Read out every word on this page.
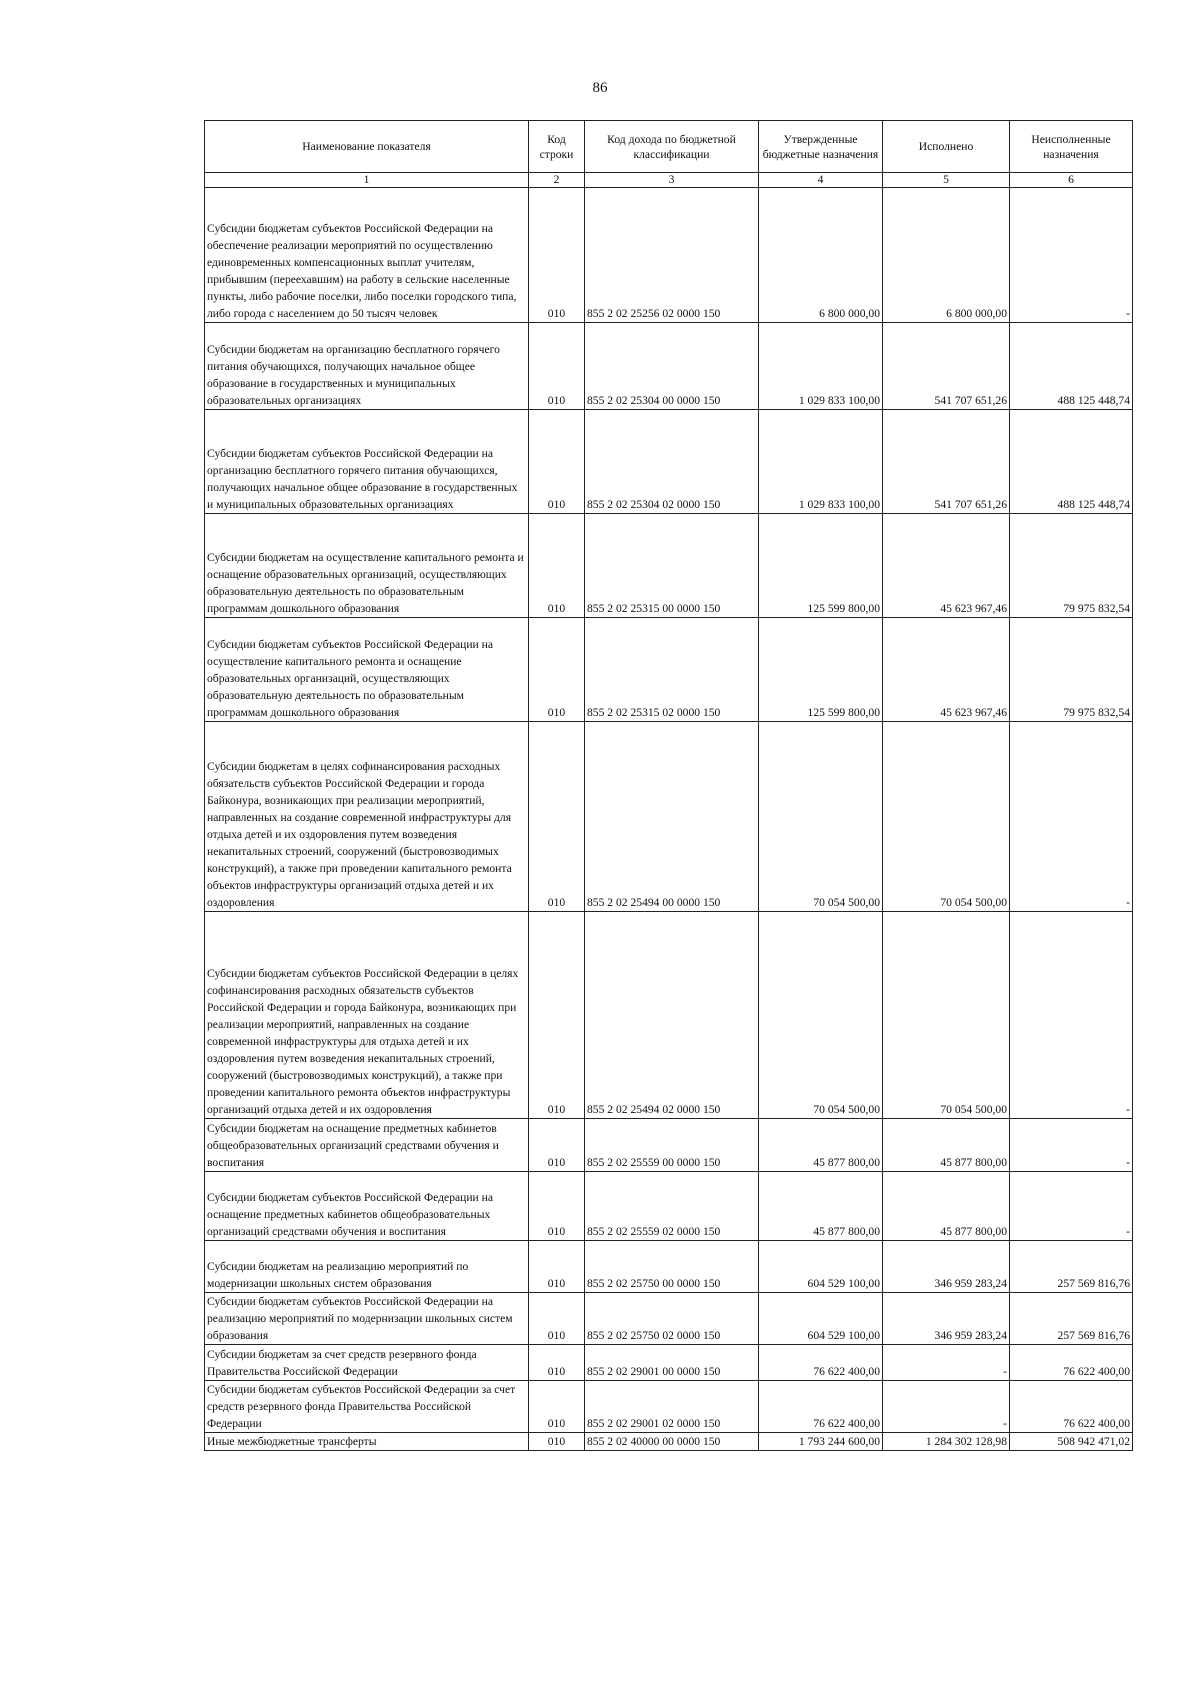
86
Наименование показателя	Код строки	Код дохода по бюджетной классификации	Утвержденные бюджетные назначения	Исполнено	Неисполненные назначения
1	2	3	4	5	6
Субсидии бюджетам субъектов Российской Федерации на обеспечение реализации мероприятий по осуществлению единовременных компенсационных выплат учителям, прибывшим (переехавшим) на работу в сельские населенные пункты, либо рабочие поселки, либо поселки городского типа, либо города с населением до 50 тысяч человек	010	855 2 02 25256 02 0000 150	6 800 000,00	6 800 000,00	-
Субсидии бюджетам на организацию бесплатного горячего питания обучающихся, получающих начальное общее образование в государственных и муниципальных образовательных организациях	010	855 2 02 25304 00 0000 150	1 029 833 100,00	541 707 651,26	488 125 448,74
Субсидии бюджетам субъектов Российской Федерации на организацию бесплатного горячего питания обучающихся, получающих начальное общее образование в государственных и муниципальных образовательных организациях	010	855 2 02 25304 02 0000 150	1 029 833 100,00	541 707 651,26	488 125 448,74
Субсидии бюджетам на осуществление капитального ремонта и оснащение образовательных организаций, осуществляющих образовательную деятельность по образовательным программам дошкольного образования	010	855 2 02 25315 00 0000 150	125 599 800,00	45 623 967,46	79 975 832,54
Субсидии бюджетам субъектов Российской Федерации на осуществление капитального ремонта и оснащение образовательных организаций, осуществляющих образовательную деятельность по образовательным программам дошкольного образования	010	855 2 02 25315 02 0000 150	125 599 800,00	45 623 967,46	79 975 832,54
Субсидии бюджетам в целях софинансирования расходных обязательств субъектов Российской Федерации и города Байконура, возникающих при реализации мероприятий, направленных на создание современной инфраструктуры для отдыха детей и их оздоровления путем возведения некапитальных строений, сооружений (быстровозводимых конструкций), а также при проведении капитального ремонта объектов инфраструктуры организаций отдыха детей и их оздоровления	010	855 2 02 25494 00 0000 150	70 054 500,00	70 054 500,00	-
Субсидии бюджетам субъектов Российской Федерации в целях софинансирования расходных обязательств субъектов Российской Федерации и города Байконура, возникающих при реализации мероприятий, направленных на создание современной инфраструктуры для отдыха детей и их оздоровления путем возведения некапитальных строений, сооружений (быстровозводимых конструкций), а также при проведении капитального ремонта объектов инфраструктуры организаций отдыха детей и их оздоровления	010	855 2 02 25494 02 0000 150	70 054 500,00	70 054 500,00	-
Субсидии бюджетам на оснащение предметных кабинетов общеобразовательных организаций средствами обучения и воспитания	010	855 2 02 25559 00 0000 150	45 877 800,00	45 877 800,00	-
Субсидии бюджетам субъектов Российской Федерации на оснащение предметных кабинетов общеобразовательных организаций средствами обучения и воспитания	010	855 2 02 25559 02 0000 150	45 877 800,00	45 877 800,00	-
Субсидии бюджетам на реализацию мероприятий по модернизации школьных систем образования	010	855 2 02 25750 00 0000 150	604 529 100,00	346 959 283,24	257 569 816,76
Субсидии бюджетам субъектов Российской Федерации на реализацию мероприятий по модернизации школьных систем образования	010	855 2 02 25750 02 0000 150	604 529 100,00	346 959 283,24	257 569 816,76
Субсидии бюджетам за счет средств резервного фонда Правительства Российской Федерации	010	855 2 02 29001 00 0000 150	76 622 400,00	-	76 622 400,00
Субсидии бюджетам субъектов Российской Федерации за счет средств резервного фонда Правительства Российской Федерации	010	855 2 02 29001 02 0000 150	76 622 400,00	-	76 622 400,00
Иные межбюджетные трансферты	010	855 2 02 40000 00 0000 150	1 793 244 600,00	1 284 302 128,98	508 942 471,02
